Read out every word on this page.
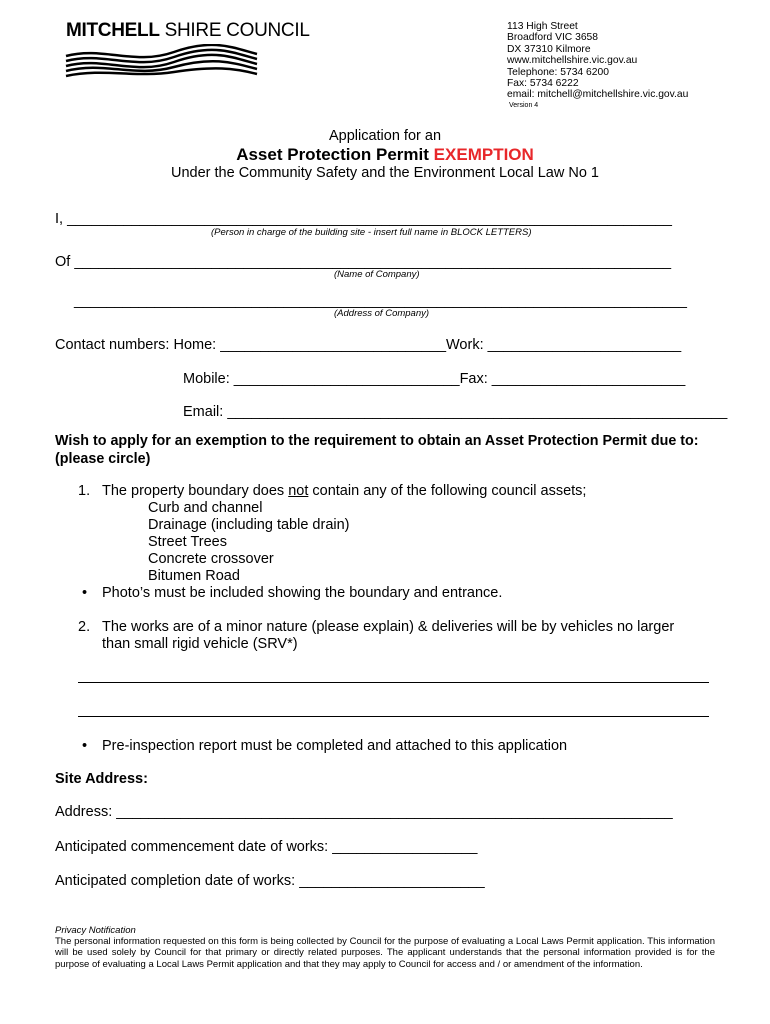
MITCHELL SHIRE COUNCIL	113 High Street
Broadford VIC 3658
DX 37310 Kilmore
www.mitchellshire.vic.gov.au
Telephone: 5734 6200
Fax: 5734 6222
email: mitchell@mitchellshire.vic.gov.au
Version 4
Application for an
Asset Protection Permit EXEMPTION
Under the Community Safety and the Environment Local Law No 1
I, ___________________________________________________________________________
(Person in charge of the building site - insert full name in BLOCK LETTERS)
Of __________________________________________________________________________
(Name of Company)
____________________________________________________________________________
(Address of Company)
Contact numbers: Home: ____________________________Work: ________________________
Mobile: ____________________________Fax: ________________________
Email: ______________________________________________________________
Wish to apply for an exemption to the requirement to obtain an Asset Protection Permit due to: (please circle)
1. The property boundary does not contain any of the following council assets;
Curb and channel
Drainage (including table drain)
Street Trees
Concrete crossover
Bitumen Road
• Photo’s must be included showing the boundary and entrance.
2. The works are of a minor nature (please explain) & deliveries will be by vehicles no larger
than small rigid vehicle (SRV*)
• Pre-inspection report must be completed and attached to this application
Site Address:
Address: _____________________________________________________________________
Anticipated commencement date of works: __________________
Anticipated completion date of works: _______________________
Privacy Notification
The personal information requested on this form is being collected by Council for the purpose of evaluating a Local Laws Permit application. This information will be used solely by Council for that primary or directly related purposes. The applicant understands that the personal information provided is for the purpose of evaluating a Local Laws Permit application and that they may apply to Council for access and / or amendment of the information.
